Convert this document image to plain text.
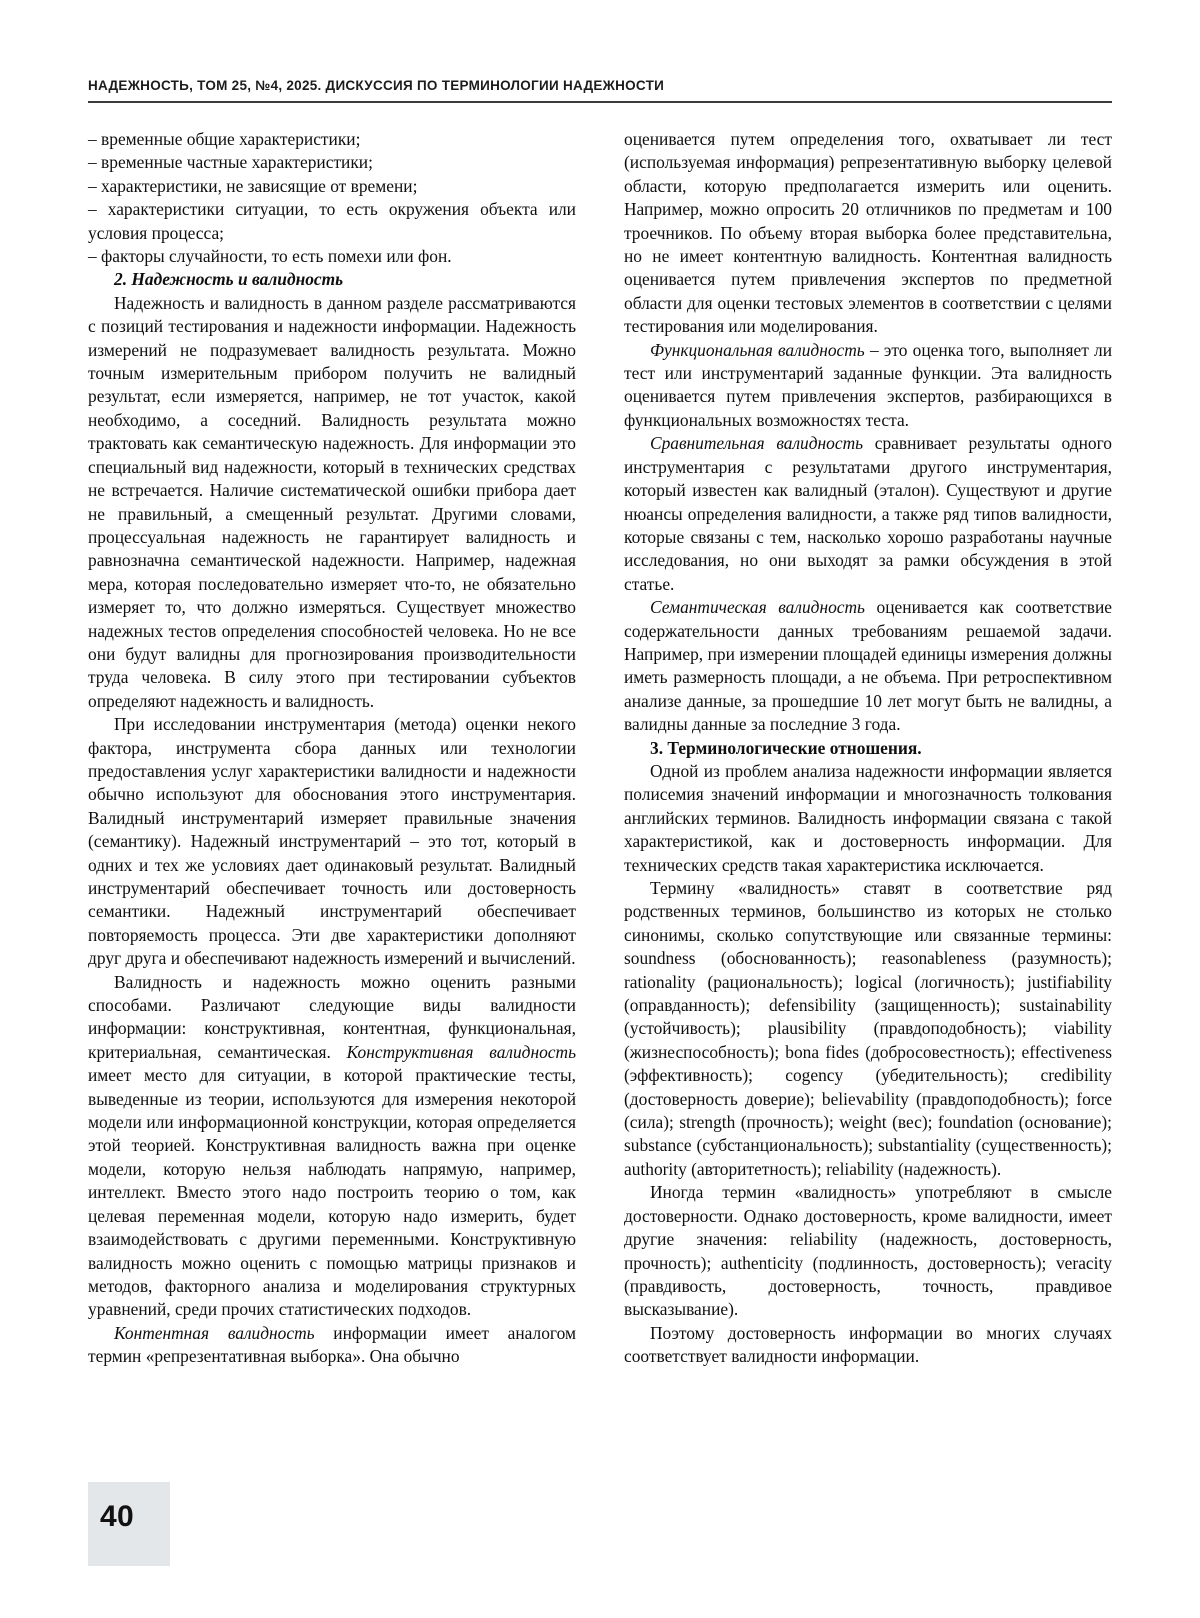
НАДЕЖНОСТЬ, ТОМ 25, №4, 2025. ДИСКУССИЯ ПО ТЕРМИНОЛОГИИ НАДЕЖНОСТИ

– временные общие характеристики;

– временные частные характеристики;

– характеристики, не зависящие от времени;

– характеристики ситуации, то есть окружения объекта или условия процесса;

– факторы случайности, то есть помехи или фон.

2. Надежность и валидность

Надежность и валидность в данном разделе рассматриваются с позиций тестирования и надежности информации. Надежность измерений не подразумевает валидность результата. Можно точным измерительным прибором получить не валидный результат, если измеряется, например, не тот участок, какой необходимо, а соседний. Валидность результата можно трактовать как семантическую надежность. Для информации это специальный вид надежности, который в технических средствах не встречается. Наличие систематической ошибки прибора дает не правильный, а смещенный результат. Другими словами, процессуальная надежность не гарантирует валидность и равнозначна семантической надежности. Например, надежная мера, которая последовательно измеряет что-то, не обязательно измеряет то, что должно измеряться. Существует множество надежных тестов определения способностей человека. Но не все они будут валидны для прогнозирования производительности труда человека. В силу этого при тестировании субъектов определяют надежность и валидность.

При исследовании инструментария (метода) оценки некого фактора, инструмента сбора данных или технологии предоставления услуг характеристики валидности и надежности обычно используют для обоснования этого инструментария. Валидный инструментарий измеряет правильные значения (семантику). Надежный инструментарий – это тот, который в одних и тех же условиях дает одинаковый результат. Валидный инструментарий обеспечивает точность или достоверность семантики. Надежный инструментарий обеспечивает повторяемость процесса. Эти две характеристики дополняют друг друга и обеспечивают надежность измерений и вычислений.

Валидность и надежность можно оценить разными способами. Различают следующие виды валидности информации: конструктивная, контентная, функциональная, критериальная, семантическая. Конструктивная валидность имеет место для ситуации, в которой практические тесты, выведенные из теории, используются для измерения некоторой модели или информационной конструкции, которая определяется этой теорией. Конструктивная валидность важна при оценке модели, которую нельзя наблюдать напрямую, например, интеллект. Вместо этого надо построить теорию о том, как целевая переменная модели, которую надо измерить, будет взаимодействовать с другими переменными. Конструктивную валидность можно оценить с помощью матрицы признаков и методов, факторного анализа и моделирования структурных уравнений, среди прочих статистических подходов.

Контентная валидность информации имеет аналогом термин «репрезентативная выборка». Она обычно

оценивается путем определения того, охватывает ли тест (используемая информация) репрезентативную выборку целевой области, которую предполагается измерить или оценить. Например, можно опросить 20 отличников по предметам и 100 троечников. По объему вторая выборка более представительна, но не имеет контентную валидность. Контентная валидность оценивается путем привлечения экспертов по предметной области для оценки тестовых элементов в соответствии с целями тестирования или моделирования.

Функциональная валидность – это оценка того, выполняет ли тест или инструментарий заданные функции. Эта валидность оценивается путем привлечения экспертов, разбирающихся в функциональных возможностях теста.

Сравнительная валидность сравнивает результаты одного инструментария с результатами другого инструментария, который известен как валидный (эталон). Существуют и другие нюансы определения валидности, а также ряд типов валидности, которые связаны с тем, насколько хорошо разработаны научные исследования, но они выходят за рамки обсуждения в этой статье.

Семантическая валидность оценивается как соответствие содержательности данных требованиям решаемой задачи. Например, при измерении площадей единицы измерения должны иметь размерность площади, а не объема. При ретроспективном анализе данные, за прошедшие 10 лет могут быть не валидны, а валидны данные за последние 3 года.

3. Терминологические отношения.

Одной из проблем анализа надежности информации является полисемия значений информации и многозначность толкования английских терминов. Валидность информации связана с такой характеристикой, как и достоверность информации. Для технических средств такая характеристика исключается.

Термину «валидность» ставят в соответствие ряд родственных терминов, большинство из которых не столько синонимы, сколько сопутствующие или связанные термины: soundness (обоснованность); reasonableness (разумность); rationality (рациональность); logical (логичность); justifiability (оправданность); defensibility (защищенность); sustainability (устойчивость); plausibility (правдоподобность); viability (жизнеспособность); bona fides (добросовестность); effectiveness (эффективность); cogency (убедительность); credibility (достоверность доверие); believability (правдоподобность); force (сила); strength (прочность); weight (вес); foundation (основание); substance (субстанциональность); substantiality (существенность); authority (авторитетность); reliability (надежность).

Иногда термин «валидность» употребляют в смысле достоверности. Однако достоверность, кроме валидности, имеет другие значения: reliability (надежность, достоверность, прочность); authenticity (подлинность, достоверность); veracity (правдивость, достоверность, точность, правдивое высказывание).

Поэтому достоверность информации во многих случаях соответствует валидности информации.

40
